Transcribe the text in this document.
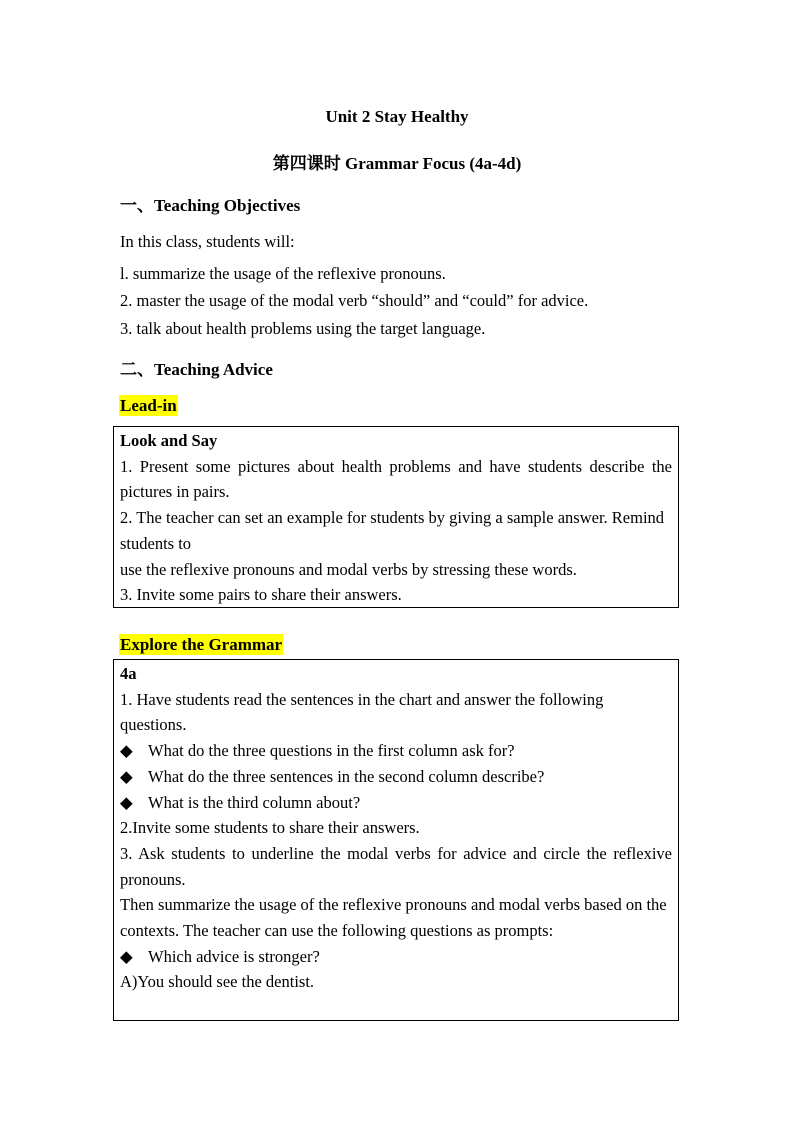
Unit 2 Stay Healthy
第四课时 Grammar Focus (4a-4d)
一、Teaching Objectives
In this class, students will:
l. summarize the usage of the reflexive pronouns.
2. master the usage of the modal verb “should” and “could” for advice.
3. talk about health problems using the target language.
二、Teaching Advice
Lead-in

Look and Say

1. Present some pictures about health problems and have students describe the pictures in pairs.

2. The teacher can set an example for students by giving a sample answer. Remind students to

use the reflexive pronouns and modal verbs by stressing these words.

3. Invite some pairs to share their answers.

Explore the Grammar

4a

1. Have students read the sentences in the chart and answer the following questions.

◆ What do the three questions in the first column ask for?

◆ What do the three sentences in the second column describe?

◆ What is the third column about?

2.Invite some students to share their answers.

3. Ask students to underline the modal verbs for advice and circle the reflexive pronouns.

Then summarize the usage of the reflexive pronouns and modal verbs based on the

contexts. The teacher can use the following questions as prompts:

◆ Which advice is stronger?

A)You should see the dentist.
